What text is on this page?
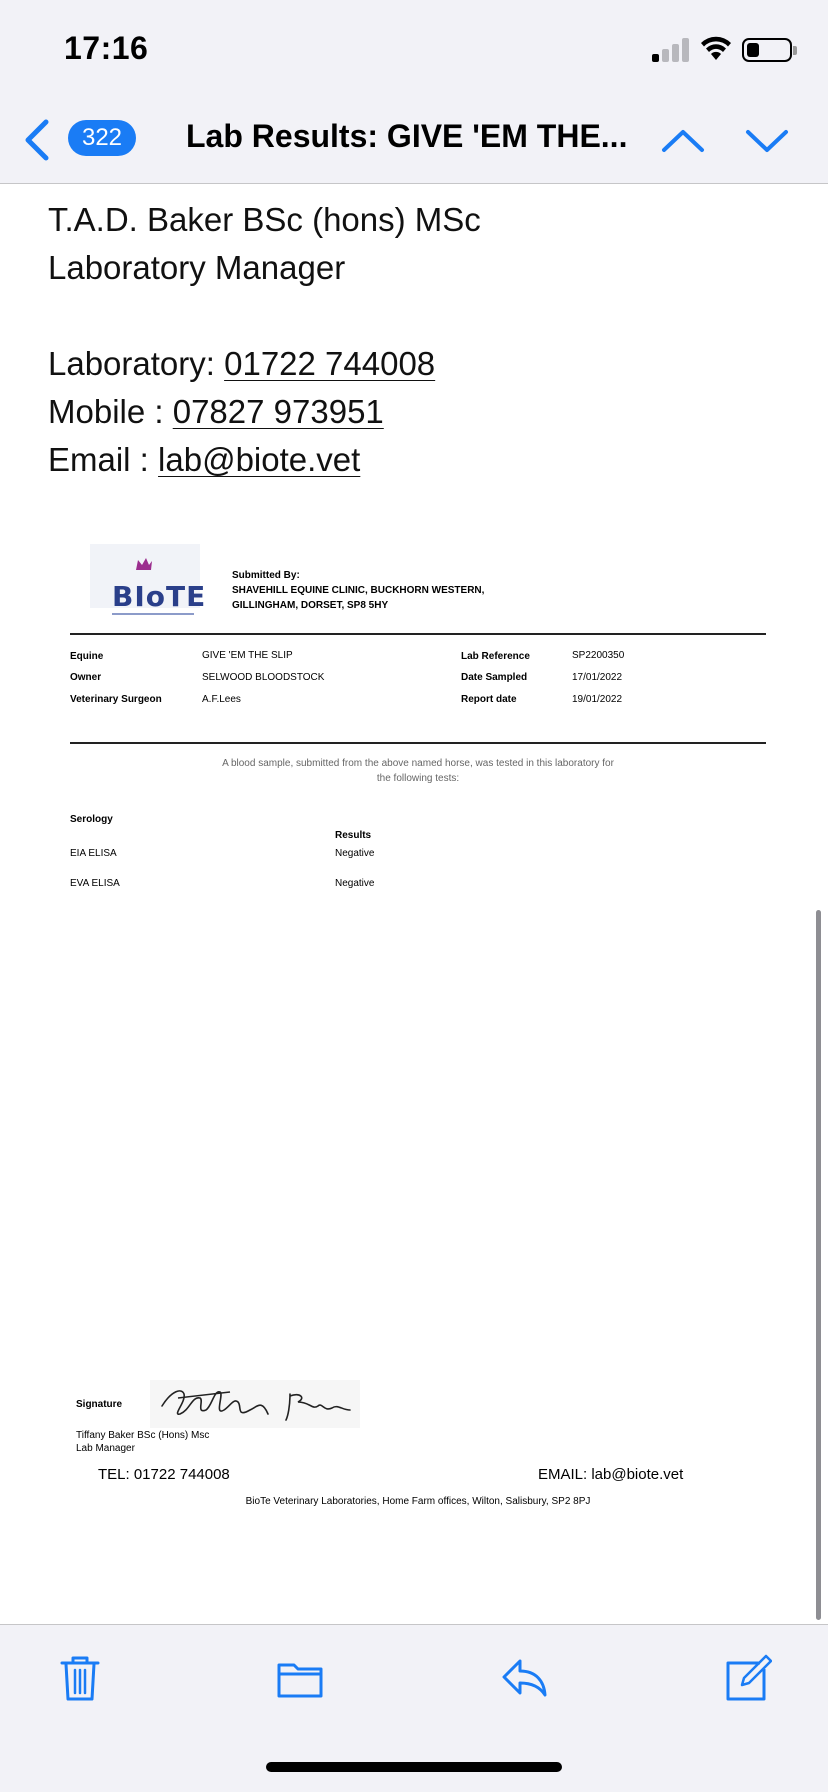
17:16
322	Lab Results: GIVE 'EM THE...
T.A.D. Baker BSc (hons) MSc
Laboratory Manager
Laboratory: 01722 744008
Mobile : 07827 973951
Email : lab@biote.vet
BIoTE
Submitted By:
SHAVEHILL EQUINE CLINIC, BUCKHORN WESTERN,
GILLINGHAM, DORSET, SP8 5HY
Equine	GIVE 'EM THE SLIP
Owner	SELWOOD BLOODSTOCK
Veterinary Surgeon	A.F.Lees
Lab Reference	SP2200350
Date Sampled	17/01/2022
Report date	19/01/2022
A blood sample, submitted from the above named horse, was tested in this laboratory for
the following tests:
Serology
Results
EIA ELISA	Negative
EVA ELISA	Negative
Signature
Tiffany Baker BSc (Hons) Msc
Lab Manager
TEL: 01722 744008	EMAIL: lab@biote.vet
BioTe Veterinary Laboratories, Home Farm offices, Wilton, Salisbury, SP2 8PJ
